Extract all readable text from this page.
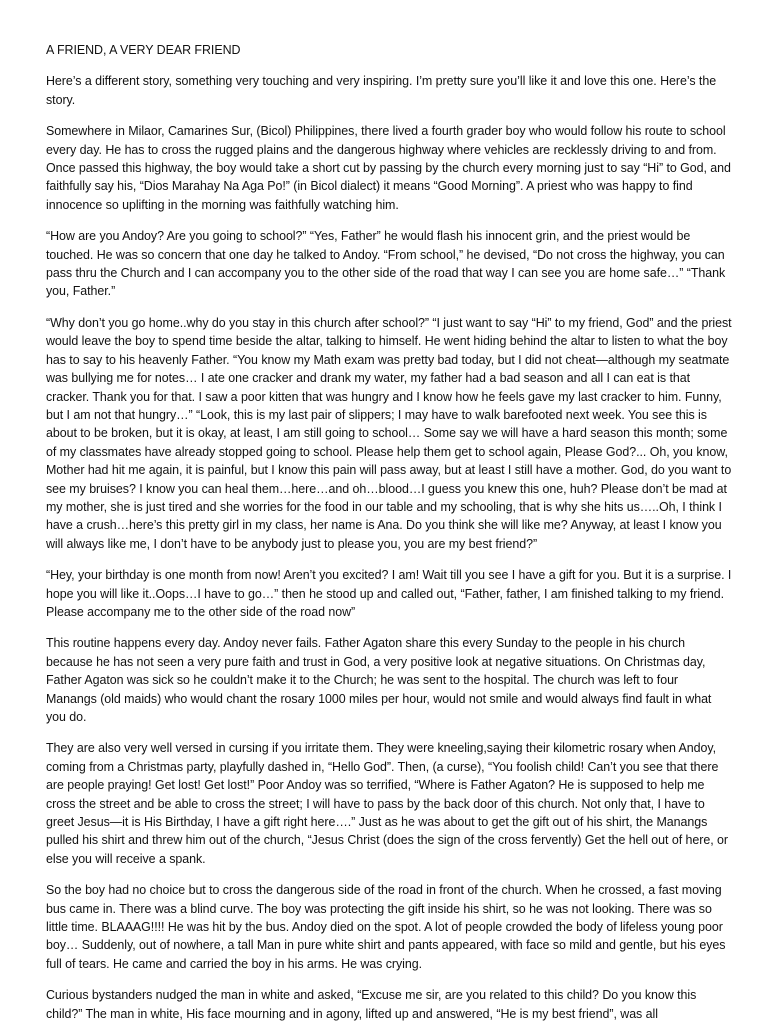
A FRIEND, A VERY DEAR FRIEND

Here’s a different story, something very touching and very inspiring. I’m pretty sure you’ll like it and love this one. Here’s the story.

Somewhere in Milaor, Camarines Sur, (Bicol) Philippines, there lived a fourth grader boy who would follow his route to school every day. He has to cross the rugged plains and the dangerous highway where vehicles are recklessly driving to and from. Once passed this highway, the boy would take a short cut by passing by the church every morning just to say “Hi” to God, and faithfully say his, “Dios Marahay Na Aga Po!” (in Bicol dialect) it means “Good Morning”. A priest who was happy to find innocence so uplifting in the morning was faithfully watching him.

“How are you Andoy? Are you going to school?” “Yes, Father” he would flash his innocent grin, and the priest would be touched. He was so concern that one day he talked to Andoy. “From school,” he devised, “Do not cross the highway, you can pass thru the Church and I can accompany you to the other side of the road that way I can see you are home safe…” “Thank you, Father.”

“Why don’t you go home..why do you stay in this church after school?” “I just want to say “Hi” to my friend, God” and the priest would leave the boy to spend time beside the altar, talking to himself. He went hiding behind the altar to listen to what the boy has to say to his heavenly Father. “You know my Math exam was pretty bad today, but I did not cheat—although my seatmate was bullying me for notes… I ate one cracker and drank my water, my father had a bad season and all I can eat is that cracker. Thank you for that. I saw a poor kitten that was hungry and I know how he feels gave my last cracker to him. Funny, but I am not that hungry…” “Look, this is my last pair of slippers; I may have to walk barefooted next week. You see this is about to be broken, but it is okay, at least, I am still going to school… Some say we will have a hard season this month; some of my classmates have already stopped going to school. Please help them get to school again, Please God?... Oh, you know, Mother had hit me again, it is painful, but I know this pain will pass away, but at least I still have a mother. God, do you want to see my bruises? I know you can heal them…here…and oh…blood…I guess you knew this one, huh? Please don’t be mad at my mother, she is just tired and she worries for the food in our table and my schooling, that is why she hits us…..Oh, I think I have a crush…here’s this pretty girl in my class, her name is Ana. Do you think she will like me? Anyway, at least I know you will always like me, I don’t have to be anybody just to please you, you are my best friend?”

“Hey, your birthday is one month from now! Aren’t you excited? I am! Wait till you see I have a gift for you. But it is a surprise. I hope you will like it..Oops…I have to go…” then he stood up and called out, “Father, father, I am finished talking to my friend. Please accompany me to the other side of the road now”

This routine happens every day. Andoy never fails. Father Agaton share this every Sunday to the people in his church because he has not seen a very pure faith and trust in God, a very positive look at negative situations. On Christmas day, Father Agaton was sick so he couldn’t make it to the Church; he was sent to the hospital. The church was left to four Manangs (old maids) who would chant the rosary 1000 miles per hour, would not smile and would always find fault in what you do.

They are also very well versed in cursing if you irritate them. They were kneeling,saying their kilometric rosary when Andoy, coming from a Christmas party, playfully dashed in, “Hello God”. Then, (a curse), “You foolish child! Can’t you see that there are people praying! Get lost! Get lost!” Poor Andoy was so terrified, “Where is Father Agaton? He is supposed to help me cross the street and be able to cross the street; I will have to pass by the back door of this church. Not only that, I have to greet Jesus—it is His Birthday, I have a gift right here….” Just as he was about to get the gift out of his shirt, the Manangs pulled his shirt and threw him out of the church, “Jesus Christ (does the sign of the cross fervently) Get the hell out of here, or else you will receive a spank.

So the boy had no choice but to cross the dangerous side of the road in front of the church. When he crossed, a fast moving bus came in. There was a blind curve. The boy was protecting the gift inside his shirt, so he was not looking. There was so little time. BLAAAG!!!! He was hit by the bus. Andoy died on the spot. A lot of people crowded the body of lifeless young poor boy… Suddenly, out of nowhere, a tall Man in pure white shirt and pants appeared, with face so mild and gentle, but his eyes full of tears. He came and carried the boy in his arms. He was crying.

Curious bystanders nudged the man in white and asked, “Excuse me sir, are you related to this child? Do you know this child?” The man in white, His face mourning and in agony, lifted up and answered, “He is my best friend”, was all
